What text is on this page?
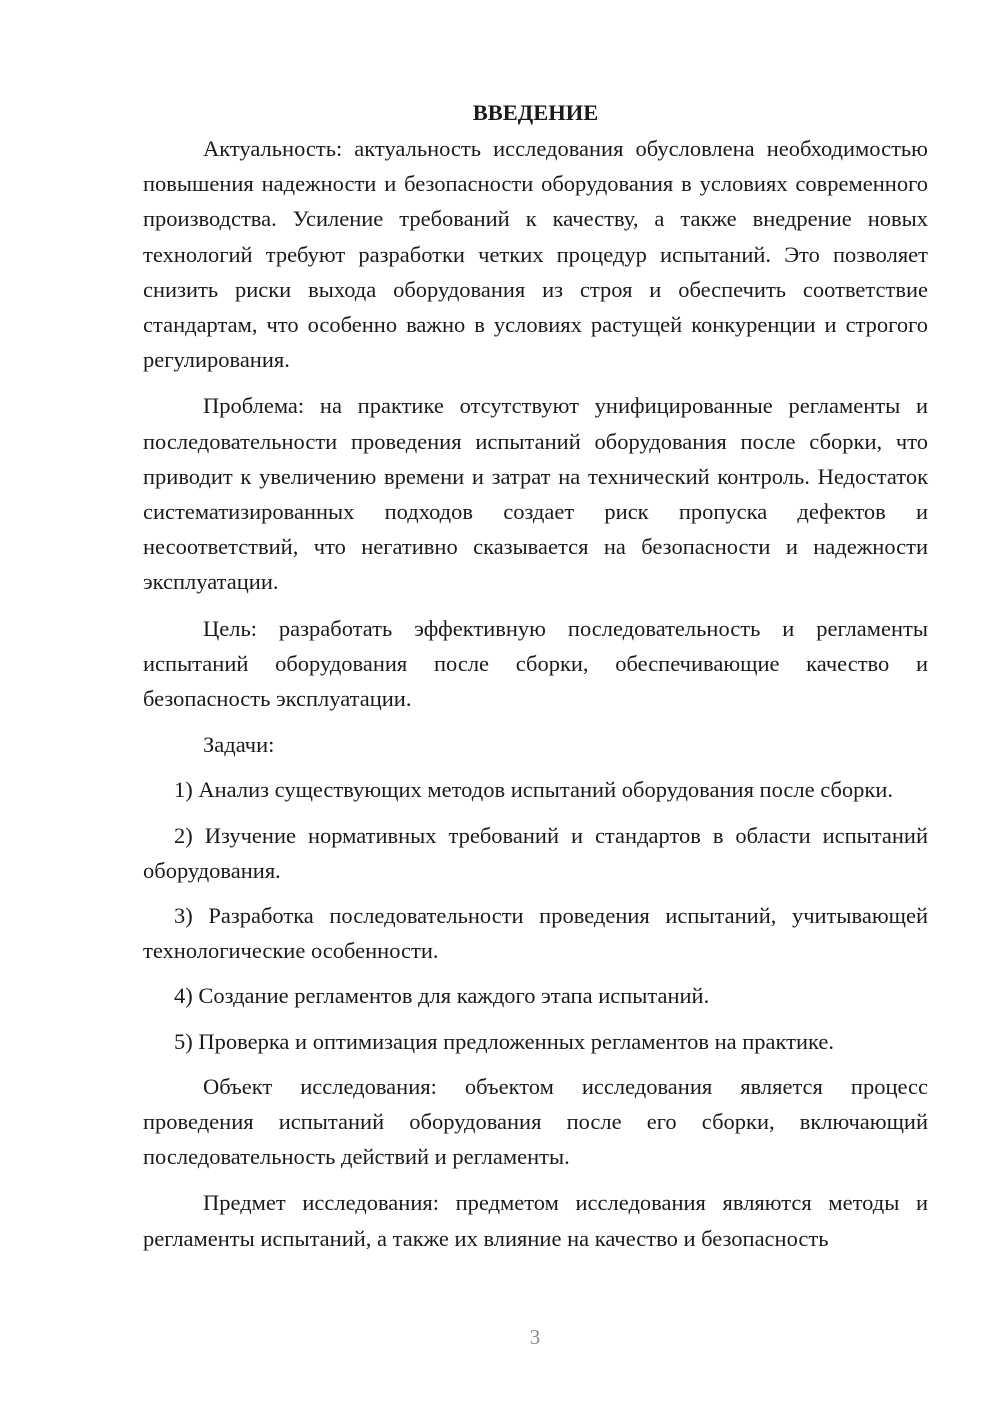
ВВЕДЕНИЕ

Актуальность: актуальность исследования обусловлена необходимостью повышения надежности и безопасности оборудования в условиях современного производства. Усиление требований к качеству, а также внедрение новых технологий требуют разработки четких процедур испытаний. Это позволяет снизить риски выхода оборудования из строя и обеспечить соответствие стандартам, что особенно важно в условиях растущей конкуренции и строгого регулирования.

Проблема: на практике отсутствуют унифицированные регламенты и последовательности проведения испытаний оборудования после сборки, что приводит к увеличению времени и затрат на технический контроль. Недостаток систематизированных подходов создает риск пропуска дефектов и несоответствий, что негативно сказывается на безопасности и надежности эксплуатации.

Цель: разработать эффективную последовательность и регламенты испытаний оборудования после сборки, обеспечивающие качество и безопасность эксплуатации.

Задачи:

1) Анализ существующих методов испытаний оборудования после сборки.

2) Изучение нормативных требований и стандартов в области испытаний оборудования.

3) Разработка последовательности проведения испытаний, учитывающей технологические особенности.

4) Создание регламентов для каждого этапа испытаний.

5) Проверка и оптимизация предложенных регламентов на практике.

Объект исследования: объектом исследования является процесс проведения испытаний оборудования после его сборки, включающий последовательность действий и регламенты.

Предмет исследования: предметом исследования являются методы и регламенты испытаний, а также их влияние на качество и безопасность

3
